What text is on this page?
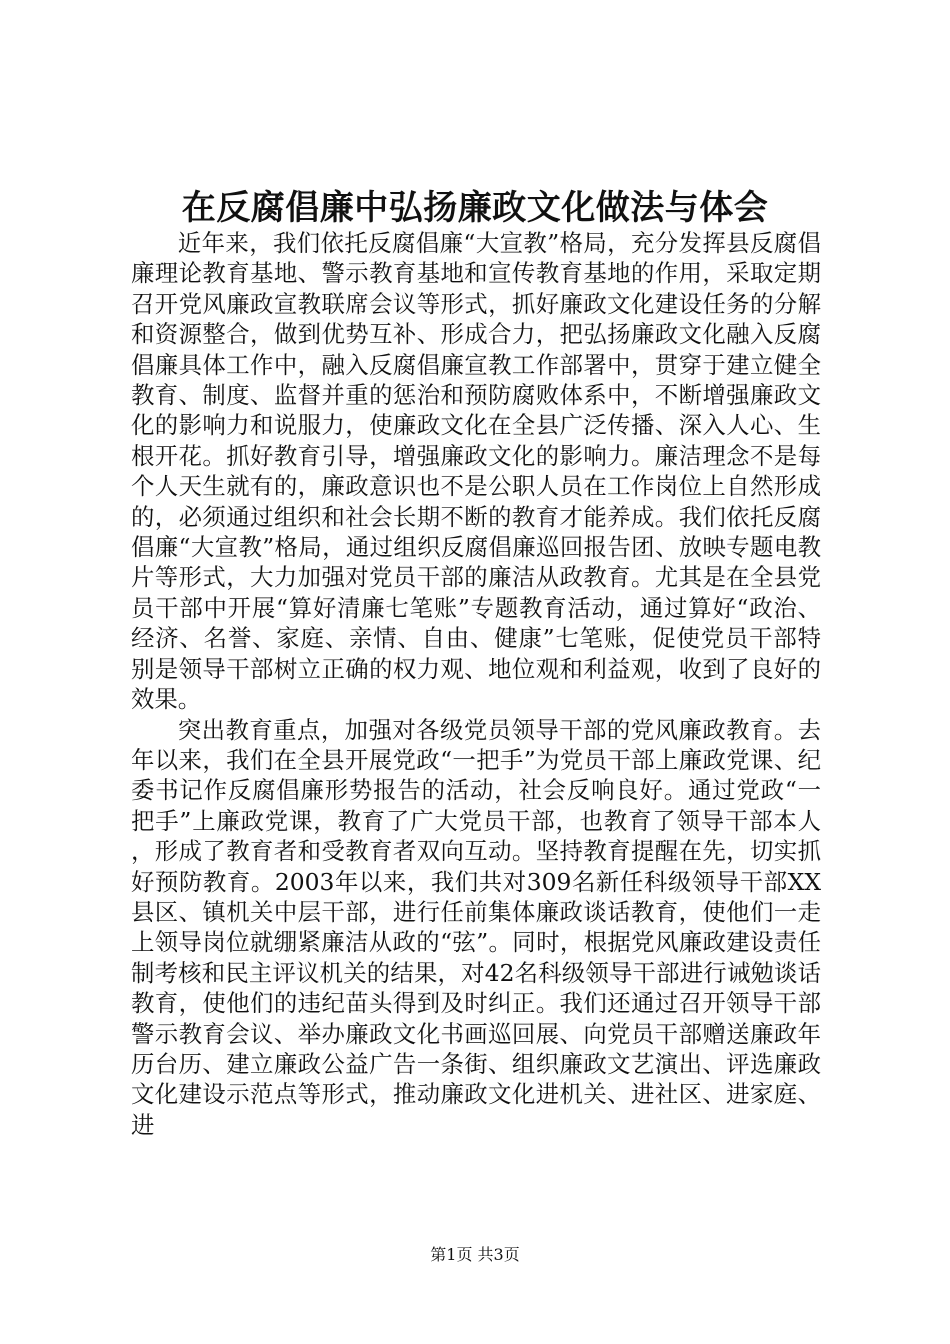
在反腐倡廉中弘扬廉政文化做法与体会

近年来，我们依托反腐倡廉“大宣教”格局，充分发挥县反腐倡廉理论教育基地、警示教育基地和宣传教育基地的作用，采取定期召开党风廉政宣教联席会议等形式，抓好廉政文化建设任务的分解和资源整合，做到优势互补、形成合力，把弘扬廉政文化融入反腐倡廉具体工作中，融入反腐倡廉宣教工作部署中，贯穿于建立健全教育、制度、监督并重的惩治和预防腐败体系中，不断增强廉政文化的影响力和说服力，使廉政文化在全县广泛传播、深入人心、生根开花。抓好教育引导，增强廉政文化的影响力。廉洁理念不是每个人天生就有的，廉政意识也不是公职人员在工作岗位上自然形成的，必须通过组织和社会长期不断的教育才能养成。我们依托反腐倡廉“大宣教”格局，通过组织反腐倡廉巡回报告团、放映专题电教片等形式，大力加强对党员干部的廉洁从政教育。尤其是在全县党员干部中开展“算好清廉七笔账”专题教育活动，通过算好“政治、经济、名誉、家庭、亲情、自由、健康”七笔账，促使党员干部特别是领导干部树立正确的权力观、地位观和利益观，收到了良好的效果。

突出教育重点，加强对各级党员领导干部的党风廉政教育。去年以来，我们在全县开展党政“一把手”为党员干部上廉政党课、纪委书记作反腐倡廉形势报告的活动，社会反响良好。通过党政“一把手”上廉政党课，教育了广大党员干部，也教育了领导干部本人，形成了教育者和受教育者双向互动。坚持教育提醒在先，切实抓好预防教育。2003年以来，我们共对309名新任科级领导干部XX县区、镇机关中层干部，进行任前集体廉政谈话教育，使他们一走上领导岗位就绷紧廉洁从政的“弦”。同时，根据党风廉政建设责任制考核和民主评议机关的结果，对42名科级领导干部进行诫勉谈话教育，使他们的违纪苗头得到及时纠正。我们还通过召开领导干部警示教育会议、举办廉政文化书画巡回展、向党员干部赠送廉政年历台历、建立廉政公益广告一条街、组织廉政文艺演出、评选廉政文化建设示范点等形式，推动廉政文化进机关、进社区、进家庭、进

第1页 共3页
